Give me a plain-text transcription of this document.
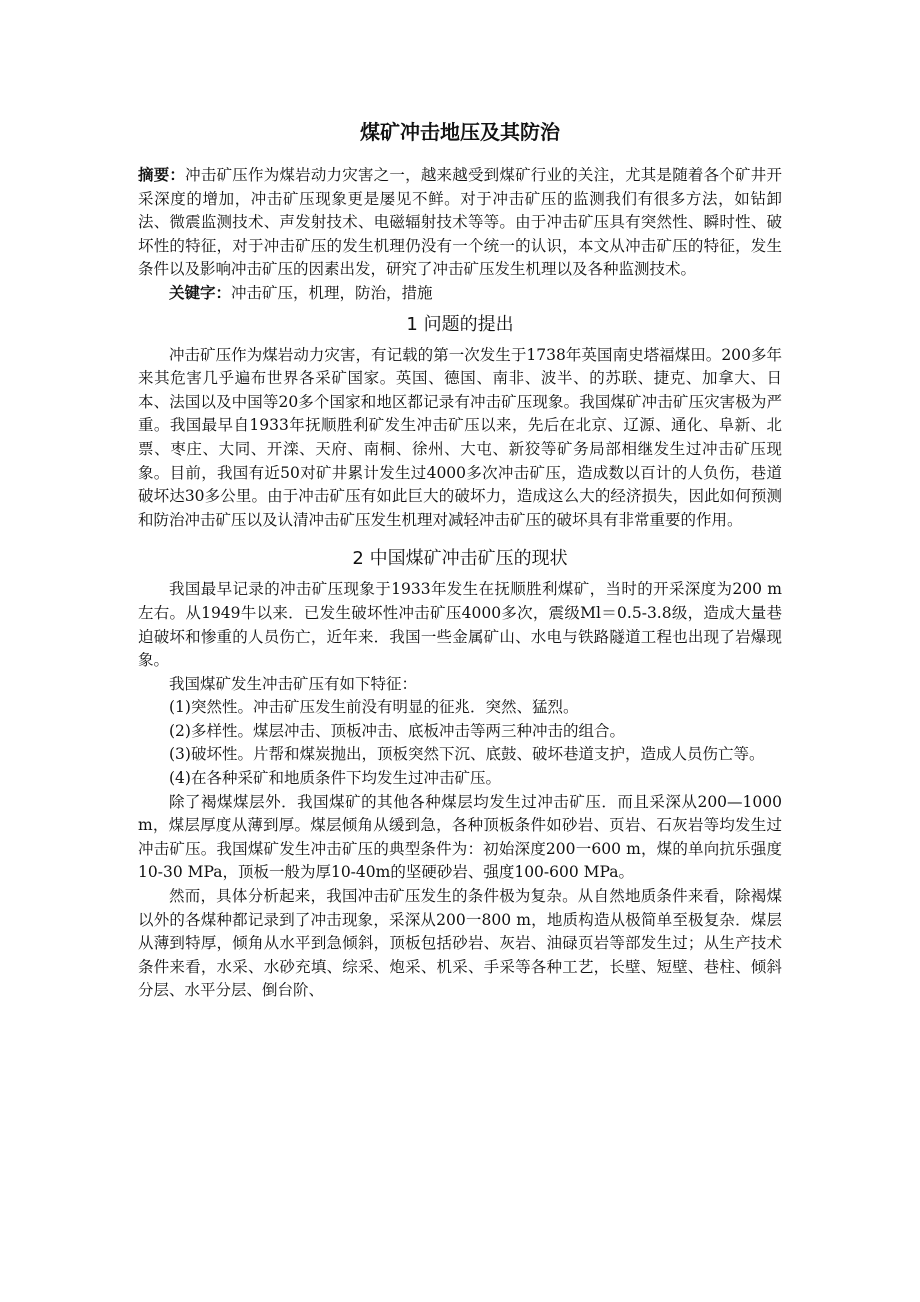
煤矿冲击地压及其防治

摘要：冲击矿压作为煤岩动力灾害之一，越来越受到煤矿行业的关注，尤其是随着各个矿井开采深度的增加，冲击矿压现象更是屡见不鲜。对于冲击矿压的监测我们有很多方法，如钻卸法、微震监测技术、声发射技术、电磁辐射技术等等。由于冲击矿压具有突然性、瞬时性、破坏性的特征，对于冲击矿压的发生机理仍没有一个统一的认识，本文从冲击矿压的特征，发生条件以及影响冲击矿压的因素出发，研究了冲击矿压发生机理以及各种监测技术。

关键字：冲击矿压，机理，防治，措施

1 问题的提出

冲击矿压作为煤岩动力灾害，有记载的第一次发生于1738年英国南史塔福煤田。200多年来其危害几乎遍布世界各采矿国家。英国、德国、南非、波半、的苏联、捷克、加拿大、日本、法国以及中国等20多个国家和地区都记录有冲击矿压现象。我国煤矿冲击矿压灾害极为严重。我国最早自1933年抚顺胜利矿发生冲击矿压以来，先后在北京、辽源、通化、阜新、北票、枣庄、大同、开滦、天府、南桐、徐州、大屯、新狡等矿务局部相继发生过冲击矿压现象。目前，我国有近50对矿井累计发生过4000多次冲击矿压，造成数以百计的人负伤，巷道破坏达30多公里。由于冲击矿压有如此巨大的破坏力，造成这么大的经济损失，因此如何预测和防治冲击矿压以及认清冲击矿压发生机理对减轻冲击矿压的破坏具有非常重要的作用。

2 中国煤矿冲击矿压的现状

我国最早记录的冲击矿压现象于1933年发生在抚顺胜利煤矿，当时的开采深度为200 m左右。从1949牛以来．已发生破坏性冲击矿压4000多次，震级Ml＝0.5-3.8级，造成大量巷迫破坏和惨重的人员伤亡，近年来．我国一些金属矿山、水电与铁路隧道工程也出现了岩爆现象。

我国煤矿发生冲击矿压有如下特征：

(1)突然性。冲击矿压发生前没有明显的征兆．突然、猛烈。

(2)多样性。煤层冲击、顶板冲击、底板冲击等两三种冲击的组合。

(3)破坏性。片帮和煤炭抛出，顶板突然下沉、底鼓、破坏巷道支护，造成人员伤亡等。

(4)在各种采矿和地质条件下均发生过冲击矿压。

除了褐煤煤层外．我国煤矿的其他各种煤层均发生过冲击矿压．而且采深从200—1000 m，煤层厚度从薄到厚。煤层倾角从缓到急，各种顶板条件如砂岩、页岩、石灰岩等均发生过冲击矿压。我国煤矿发生冲击矿压的典型条件为：初始深度200一600 m，煤的单向抗乐强度10-30 MPa，顶板一般为厚10-40m的坚硬砂岩、强度100-600 MPa。

然而，具体分析起来，我国冲击矿压发生的条件极为复杂。从自然地质条件来看，除褐煤以外的各煤种都记录到了冲击现象，采深从200一800 m，地质构造从极简单至极复杂．煤层从薄到特厚，倾角从水平到急倾斜，顶板包括砂岩、灰岩、油碌页岩等部发生过；从生产技术条件来看，水采、水砂充填、综采、炮采、机采、手采等各种工艺，长壁、短壁、巷柱、倾斜分层、水平分层、倒台阶、
